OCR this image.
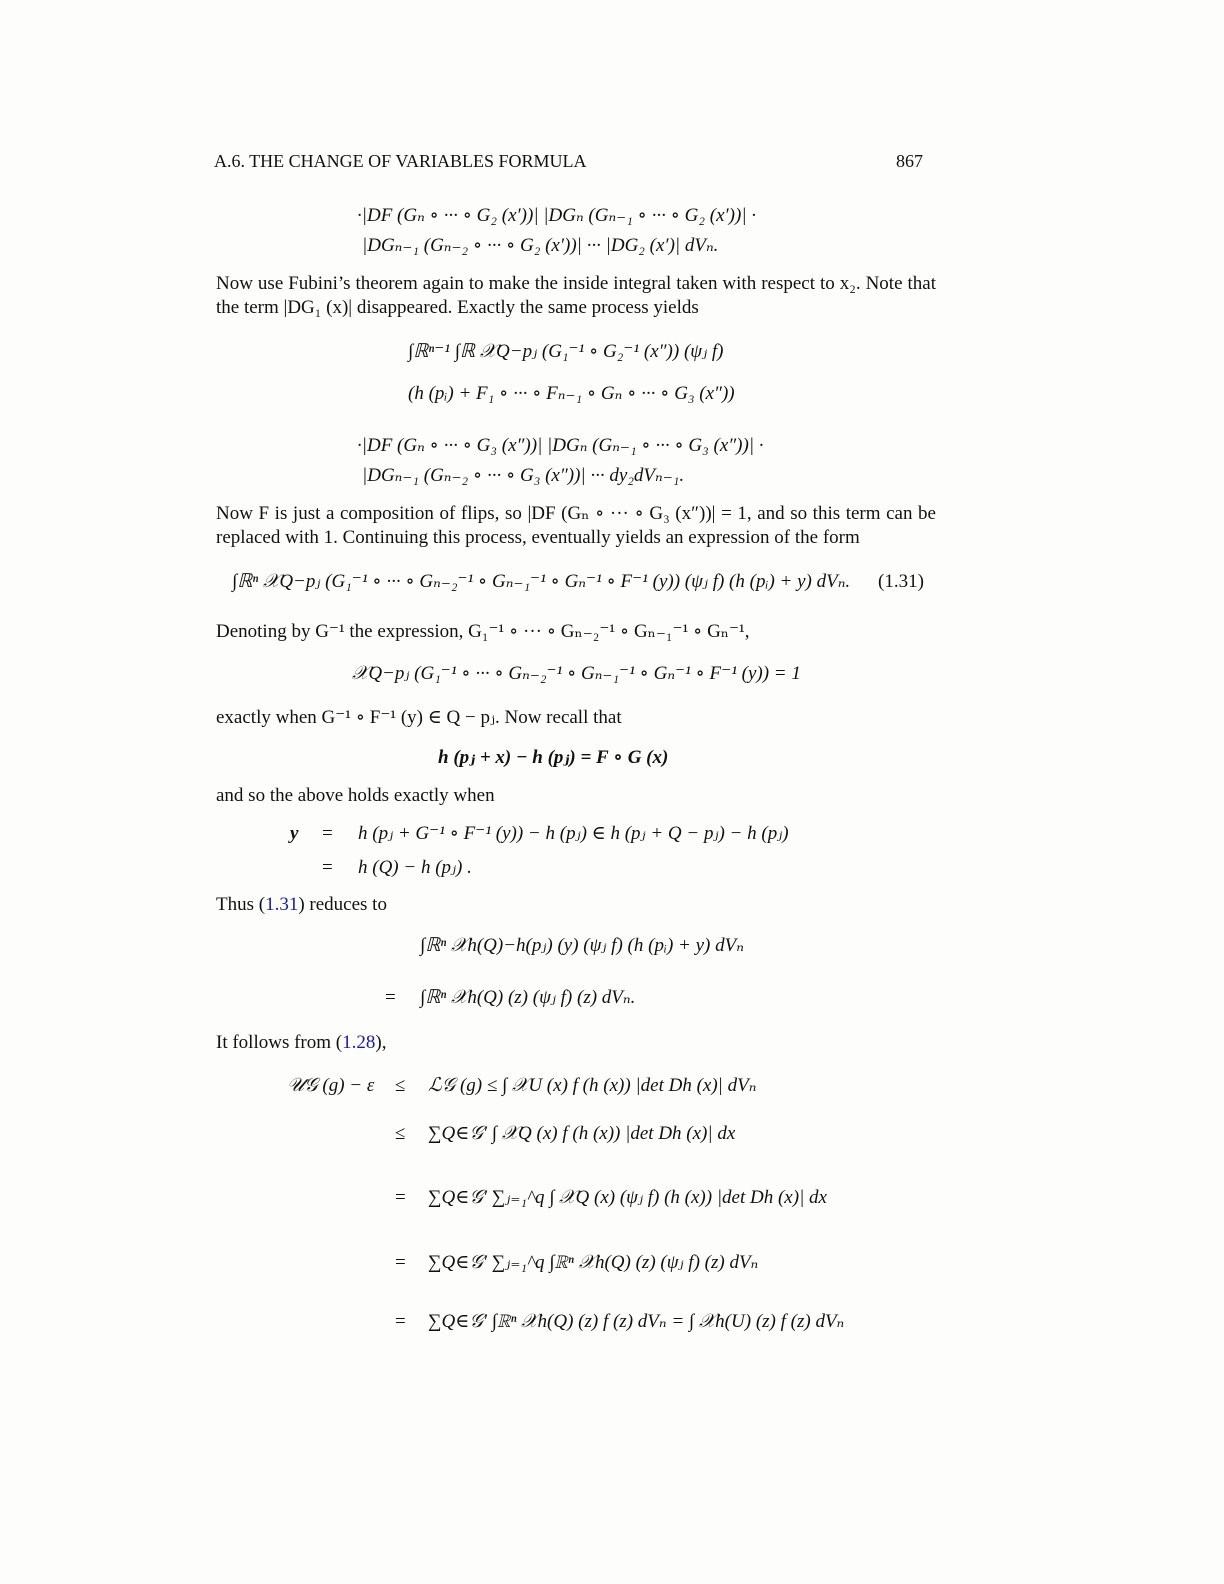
A.6. THE CHANGE OF VARIABLES FORMULA	867
·|DF (Gₙ ∘ ··· ∘ G₂ (x′))| |DGₙ (Gₙ₋₁ ∘ ··· ∘ G₂ (x′))| ·
|DGₙ₋₁ (Gₙ₋₂ ∘ ··· ∘ G₂ (x′))| ··· |DG₂ (x′)| dVₙ.
Now use Fubini’s theorem again to make the inside integral taken with respect to x₂. Note that the term |DG₁ (x)| disappeared. Exactly the same process yields
∫ℝⁿ⁻¹ ∫ℝ 𝒳Q−pⱼ (G₁⁻¹ ∘ G₂⁻¹ (x″)) (ψⱼ f)
(h (pᵢ) + F₁ ∘ ··· ∘ Fₙ₋₁ ∘ Gₙ ∘ ··· ∘ G₃ (x″))
·|DF (Gₙ ∘ ··· ∘ G₃ (x″))| |DGₙ (Gₙ₋₁ ∘ ··· ∘ G₃ (x″))| ·
|DGₙ₋₁ (Gₙ₋₂ ∘ ··· ∘ G₃ (x″))| ··· dy₂dVₙ₋₁.
Now F is just a composition of flips, so |DF (Gₙ ∘ ··· ∘ G₃ (x″))| = 1, and so this term can be replaced with 1. Continuing this process, eventually yields an expression of the form
∫ℝⁿ 𝒳Q−pⱼ (G₁⁻¹ ∘ ··· ∘ Gₙ₋₂⁻¹ ∘ Gₙ₋₁⁻¹ ∘ Gₙ⁻¹ ∘ F⁻¹ (y)) (ψⱼ f) (h (pᵢ) + y) dVₙ. (1.31)
Denoting by G⁻¹ the expression, G₁⁻¹ ∘ ··· ∘ Gₙ₋₂⁻¹ ∘ Gₙ₋₁⁻¹ ∘ Gₙ⁻¹,
𝒳Q−pⱼ (G₁⁻¹ ∘ ··· ∘ Gₙ₋₂⁻¹ ∘ Gₙ₋₁⁻¹ ∘ Gₙ⁻¹ ∘ F⁻¹ (y)) = 1
exactly when G⁻¹ ∘ F⁻¹ (y) ∈ Q − pⱼ. Now recall that
h (pⱼ + x) − h (pⱼ) = F ∘ G (x)
and so the above holds exactly when
y = h (pⱼ + G⁻¹ ∘ F⁻¹ (y)) − h (pⱼ) ∈ h (pⱼ + Q − pⱼ) − h (pⱼ)
= h (Q) − h (pⱼ) .
Thus (1.31) reduces to
∫ℝⁿ 𝒳h(Q)−h(pⱼ) (y) (ψⱼ f) (h (pᵢ) + y) dVₙ
= ∫ℝⁿ 𝒳h(Q) (z) (ψⱼ f) (z) dVₙ.
It follows from (1.28),
𝒰𝒢 (g) − ε ≤ ℒ𝒢 (g) ≤ ∫ 𝒳U (x) f (h (x)) |det Dh (x)| dVₙ
≤ ∑Q∈𝒢′ ∫ 𝒳Q (x) f (h (x)) |det Dh (x)| dx
= ∑Q∈𝒢′ ∑ⱼ₌₁^q ∫ 𝒳Q (x) (ψⱼ f) (h (x)) |det Dh (x)| dx
= ∑Q∈𝒢′ ∑ⱼ₌₁^q ∫ℝⁿ 𝒳h(Q) (z) (ψⱼ f) (z) dVₙ
= ∑Q∈𝒢′ ∫ℝⁿ 𝒳h(Q) (z) f (z) dVₙ = ∫ 𝒳h(U) (z) f (z) dVₙ
